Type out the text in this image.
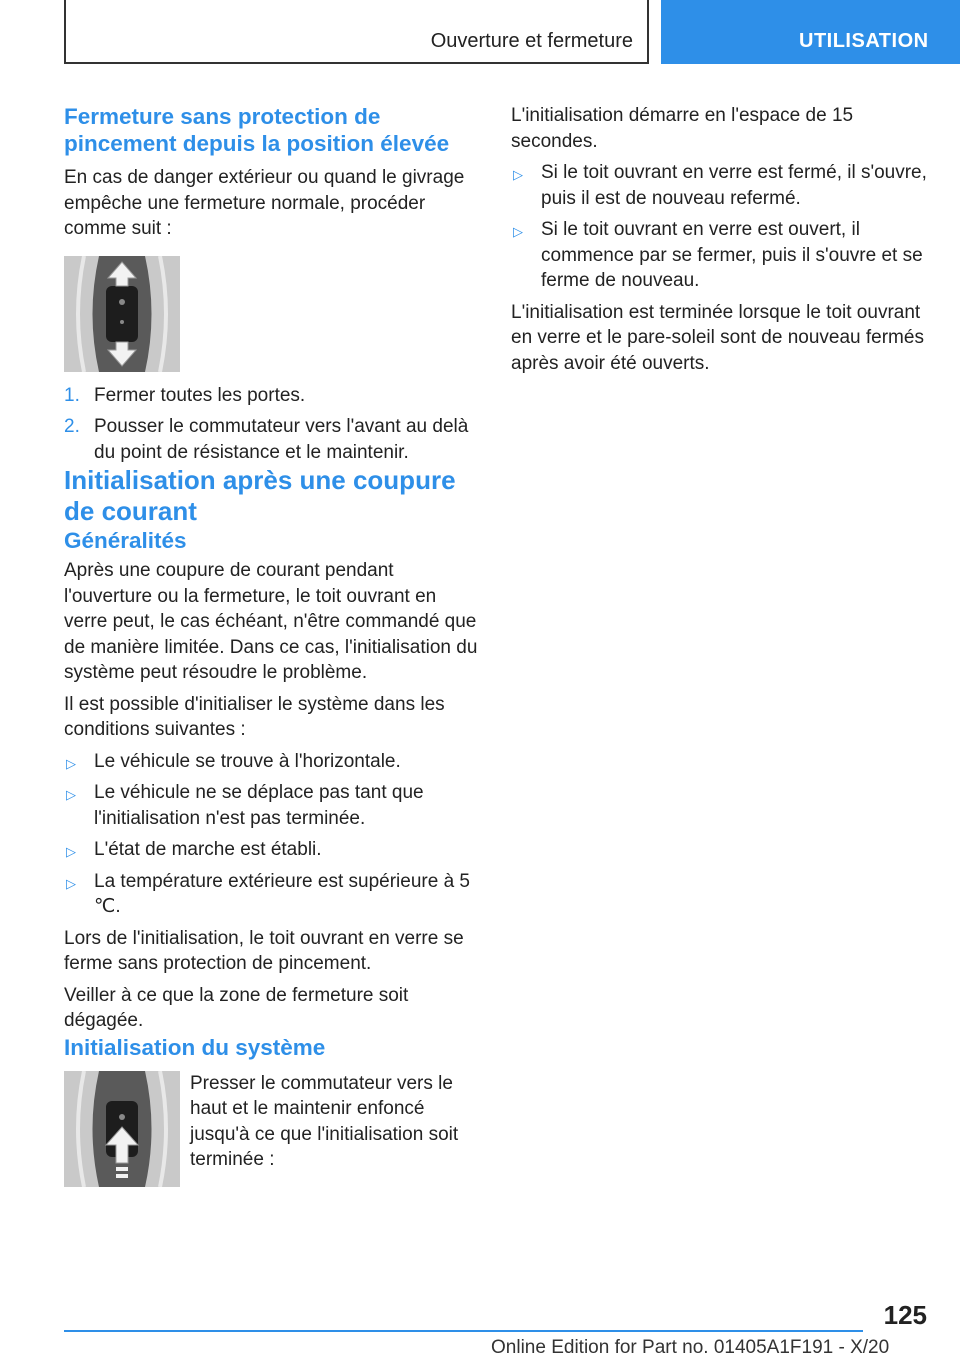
Ouverture et fermeture	UTILISATION
Fermeture sans protection de pincement depuis la position élevée

En cas de danger extérieur ou quand le givrage empêche une fermeture normale, procéder comme suit :

1. Fermer toutes les portes.
2. Pousser le commutateur vers l'avant au delà du point de résistance et le maintenir.
Initialisation après une coupure de courant
Généralités

Après une coupure de courant pendant l'ouverture ou la fermeture, le toit ouvrant en verre peut, le cas échéant, n'être commandé que de manière limitée. Dans ce cas, l'initialisation du système peut résoudre le problème.

Il est possible d'initialiser le système dans les conditions suivantes :

▷ Le véhicule se trouve à l'horizontale.
▷ Le véhicule ne se déplace pas tant que l'initialisation n'est pas terminée.
▷ L'état de marche est établi.
▷ La température extérieure est supérieure à 5 ℃.

Lors de l'initialisation, le toit ouvrant en verre se ferme sans protection de pincement.

Veiller à ce que la zone de fermeture soit dégagée.

Initialisation du système

Presser le commutateur vers le haut et le maintenir enfoncé jusqu'à ce que l'initialisation soit terminée :

L'initialisation démarre en l'espace de 15 secondes.

▷ Si le toit ouvrant en verre est fermé, il s'ouvre, puis il est de nouveau refermé.
▷ Si le toit ouvrant en verre est ouvert, il commence par se fermer, puis il s'ouvre et se ferme de nouveau.

L'initialisation est terminée lorsque le toit ouvrant en verre et le pare-soleil sont de nouveau fermés après avoir été ouverts.

125
Online Edition for Part no. 01405A1F191 - X/20
